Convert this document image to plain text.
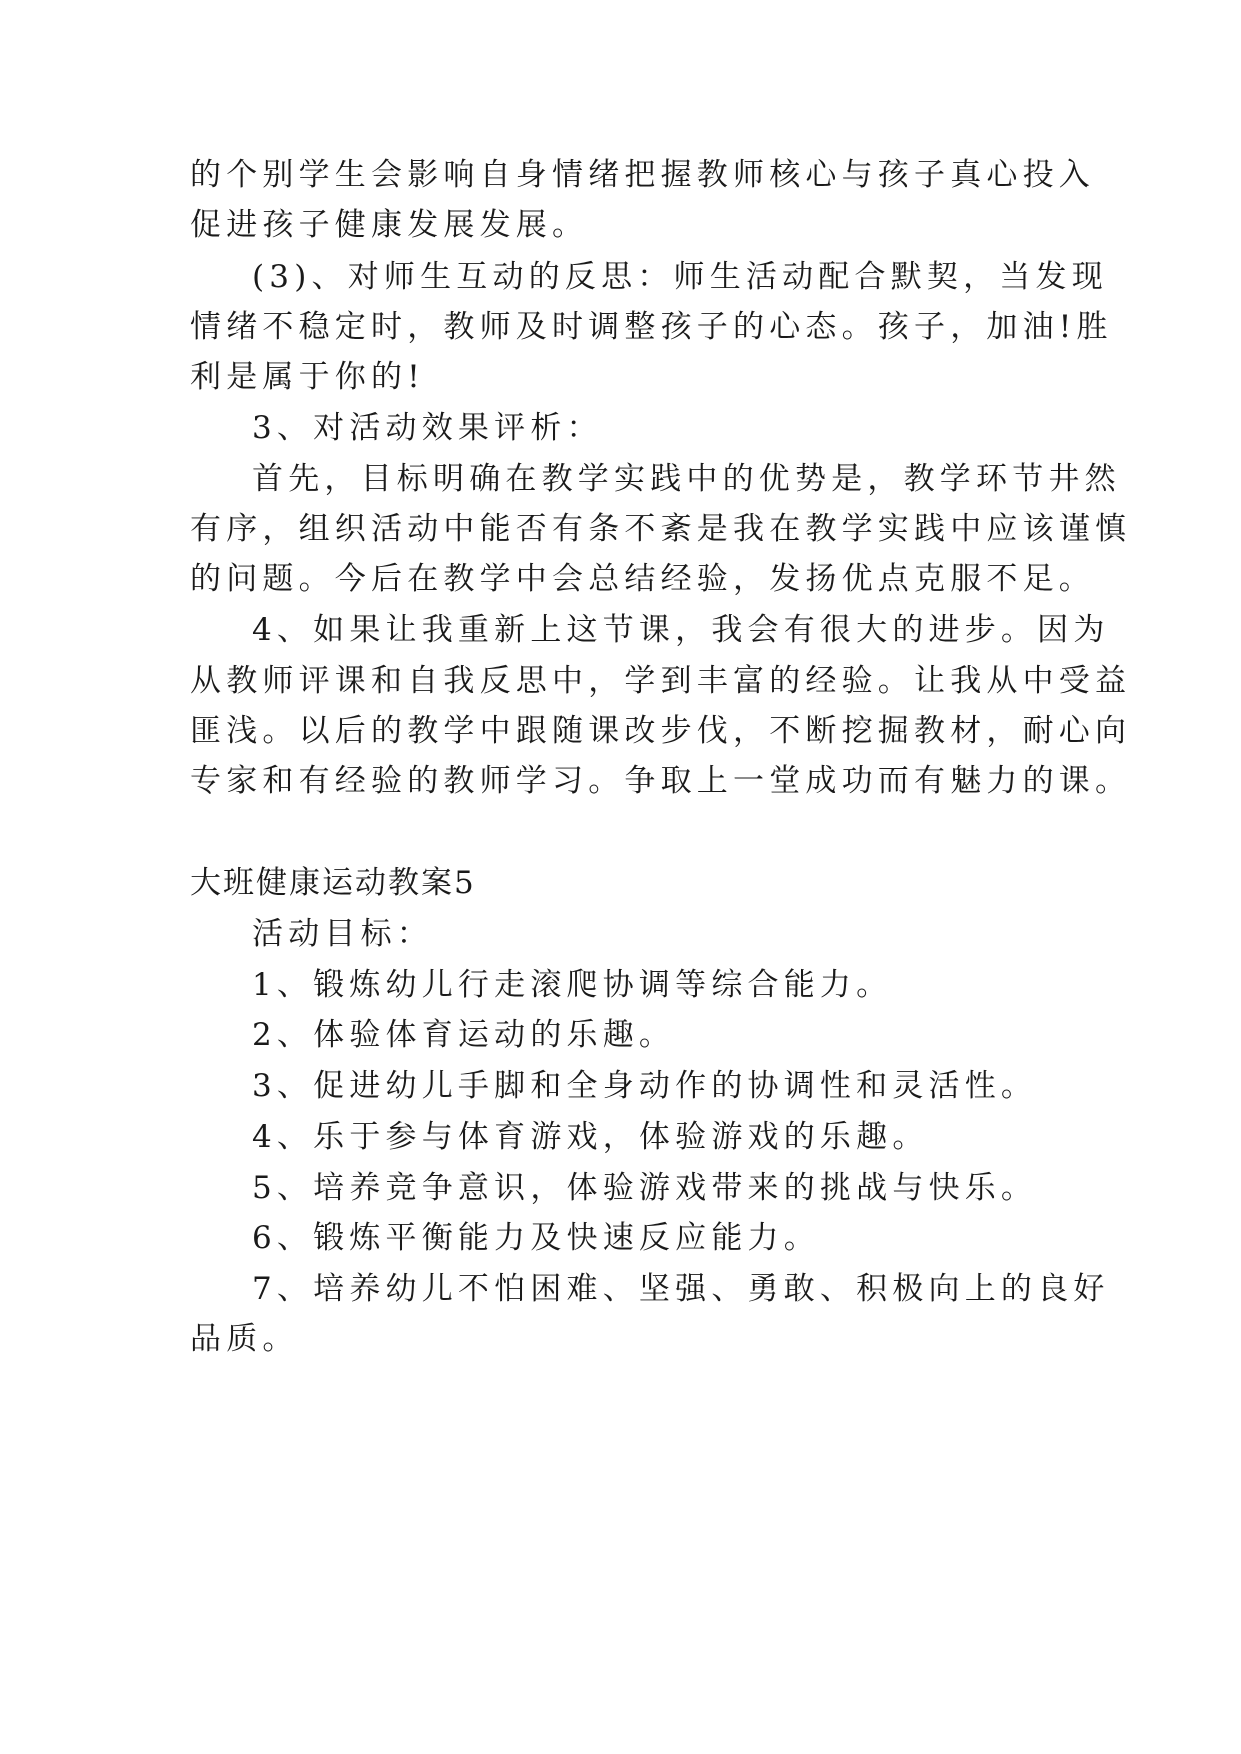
的个别学生会影响自身情绪把握教师核心与孩子真心投入
促进孩子健康发展发展。
(3)、对师生互动的反思：师生活动配合默契，当发现
情绪不稳定时，教师及时调整孩子的心态。孩子，加油!胜
利是属于你的!
3、对活动效果评析：
首先，目标明确在教学实践中的优势是，教学环节井然
有序，组织活动中能否有条不紊是我在教学实践中应该谨慎
的问题。今后在教学中会总结经验，发扬优点克服不足。
4、如果让我重新上这节课，我会有很大的进步。因为
从教师评课和自我反思中，学到丰富的经验。让我从中受益
匪浅。以后的教学中跟随课改步伐，不断挖掘教材，耐心向
专家和有经验的教师学习。争取上一堂成功而有魅力的课。
大班健康运动教案5
活动目标：
1、锻炼幼儿行走滚爬协调等综合能力。
2、体验体育运动的乐趣。
3、促进幼儿手脚和全身动作的协调性和灵活性。
4、乐于参与体育游戏，体验游戏的乐趣。
5、培养竞争意识，体验游戏带来的挑战与快乐。
6、锻炼平衡能力及快速反应能力。
7、培养幼儿不怕困难、坚强、勇敢、积极向上的良好
品质。
